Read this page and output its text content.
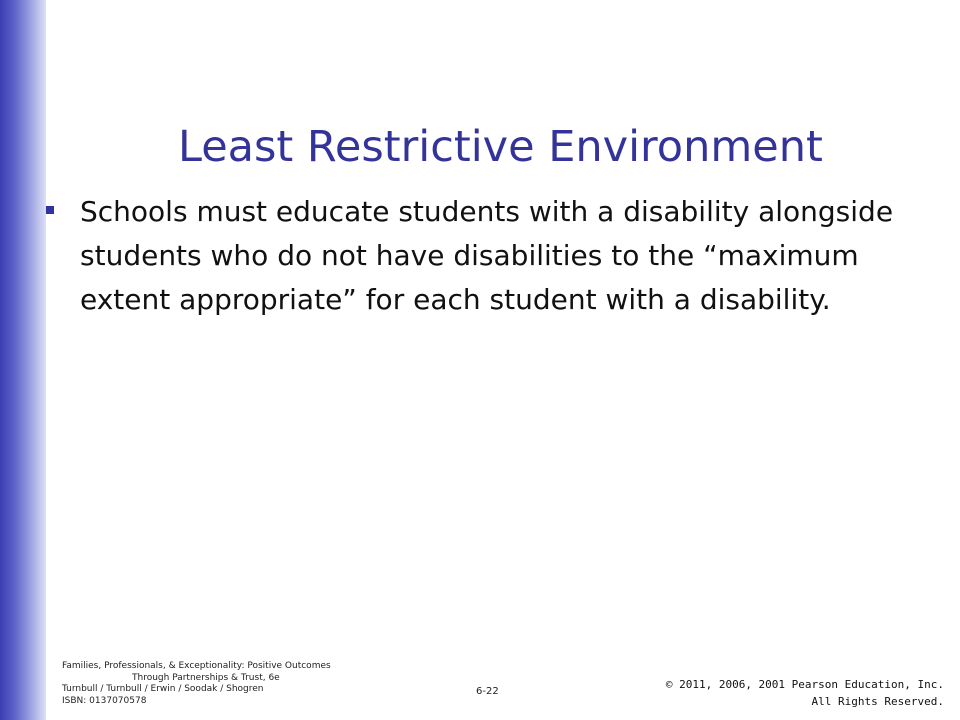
Least Restrictive Environment

Schools must educate students with a disability alongside students who do not have disabilities to the “maximum extent appropriate” for each student with a disability.

Families, Professionals, & Exceptionality: Positive Outcomes
Through Partnerships & Trust, 6e
Turnbull / Turnbull / Erwin / Soodak / Shogren
ISBN: 0137070578
6-22
© 2011, 2006, 2001 Pearson Education, Inc.
All Rights Reserved.
